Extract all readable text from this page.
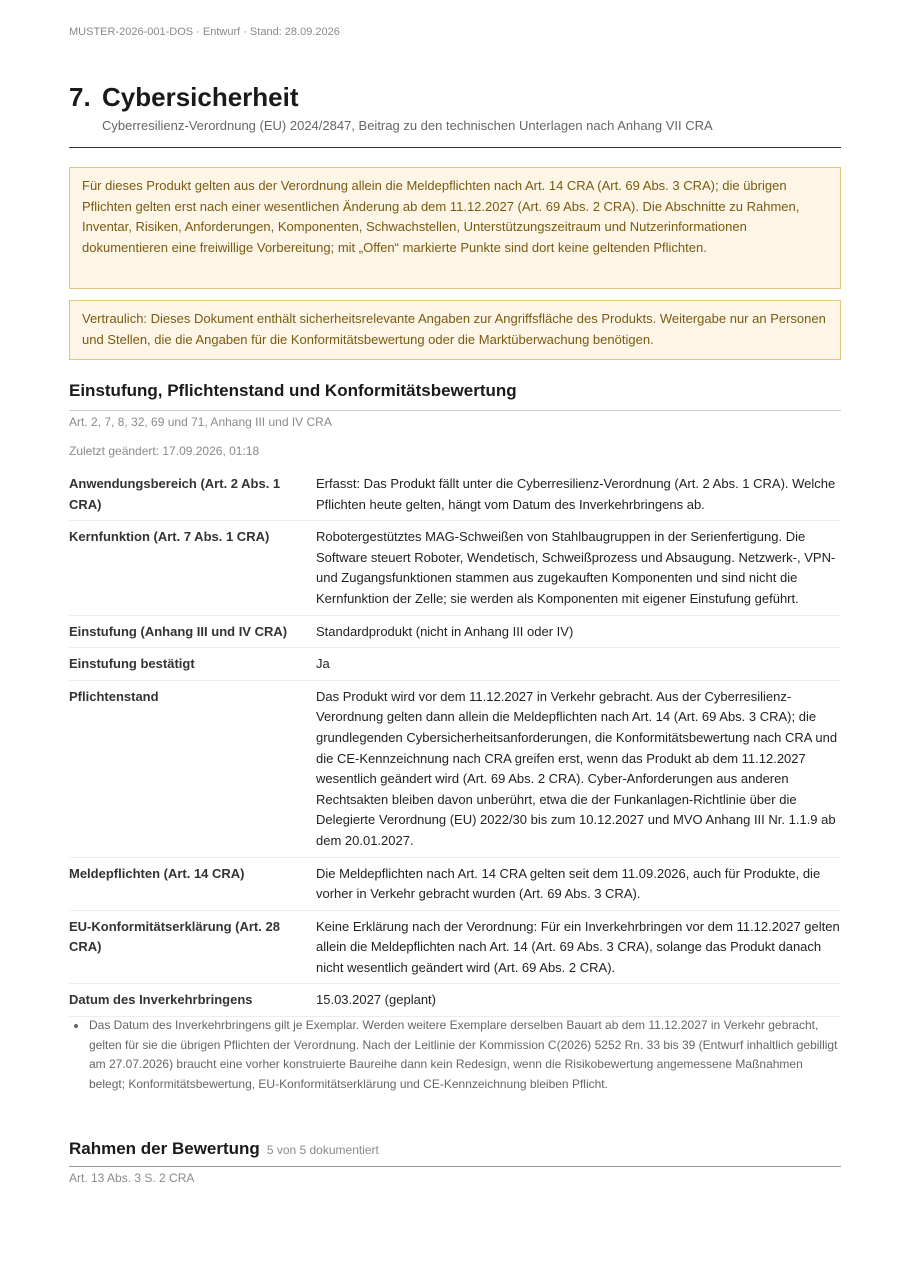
MUSTER-2026-001-DOS · Entwurf · Stand: 28.09.2026
7. Cybersicherheit
Cyberresilienz-Verordnung (EU) 2024/2847, Beitrag zu den technischen Unterlagen nach Anhang VII CRA
Für dieses Produkt gelten aus der Verordnung allein die Meldepflichten nach Art. 14 CRA (Art. 69 Abs. 3 CRA); die übrigen Pflichten gelten erst nach einer wesentlichen Änderung ab dem 11.12.2027 (Art. 69 Abs. 2 CRA). Die Abschnitte zu Rahmen, Inventar, Risiken, Anforderungen, Komponenten, Schwachstellen, Unterstützungszeitraum und Nutzerinformationen dokumentieren eine freiwillige Vorbereitung; mit „Offen“ markierte Punkte sind dort keine geltenden Pflichten.
Vertraulich: Dieses Dokument enthält sicherheitsrelevante Angaben zur Angriffsfläche des Produkts. Weitergabe nur an Personen und Stellen, die die Angaben für die Konformitätsbewertung oder die Marktüberwachung benötigen.
Einstufung, Pflichtenstand und Konformitätsbewertung
Art. 2, 7, 8, 32, 69 und 71, Anhang III und IV CRA
Zuletzt geändert: 17.09.2026, 01:18
Anwendungsbereich (Art. 2 Abs. 1 CRA)	Erfasst: Das Produkt fällt unter die Cyberresilienz-Verordnung (Art. 2 Abs. 1 CRA). Welche Pflichten heute gelten, hängt vom Datum des Inverkehrbringens ab.
Kernfunktion (Art. 7 Abs. 1 CRA)	Robotergestütztes MAG-Schweißen von Stahlbaugruppen in der Serienfertigung. Die Software steuert Roboter, Wendetisch, Schweißprozess und Absaugung. Netzwerk-, VPN- und Zugangsfunktionen stammen aus zugekauften Komponenten und sind nicht die Kernfunktion der Zelle; sie werden als Komponenten mit eigener Einstufung geführt.
Einstufung (Anhang III und IV CRA)	Standardprodukt (nicht in Anhang III oder IV)
Einstufung bestätigt	Ja
Pflichtenstand	Das Produkt wird vor dem 11.12.2027 in Verkehr gebracht. Aus der Cyberresilienz-Verordnung gelten dann allein die Meldepflichten nach Art. 14 (Art. 69 Abs. 3 CRA); die grundlegenden Cybersicherheitsanforderungen, die Konformitätsbewertung nach CRA und die CE-Kennzeichnung nach CRA greifen erst, wenn das Produkt ab dem 11.12.2027 wesentlich geändert wird (Art. 69 Abs. 2 CRA). Cyber-Anforderungen aus anderen Rechtsakten bleiben davon unberührt, etwa die der Funkanlagen-Richtlinie über die Delegierte Verordnung (EU) 2022/30 bis zum 10.12.2027 und MVO Anhang III Nr. 1.1.9 ab dem 20.01.2027.
Meldepflichten (Art. 14 CRA)	Die Meldepflichten nach Art. 14 CRA gelten seit dem 11.09.2026, auch für Produkte, die vorher in Verkehr gebracht wurden (Art. 69 Abs. 3 CRA).
EU-Konformitätserklärung (Art. 28 CRA)	Keine Erklärung nach der Verordnung: Für ein Inverkehrbringen vor dem 11.12.2027 gelten allein die Meldepflichten nach Art. 14 (Art. 69 Abs. 3 CRA), solange das Produkt danach nicht wesentlich geändert wird (Art. 69 Abs. 2 CRA).
Datum des Inverkehrbringens	15.03.2027 (geplant)
Das Datum des Inverkehrbringens gilt je Exemplar. Werden weitere Exemplare derselben Bauart ab dem 11.12.2027 in Verkehr gebracht, gelten für sie die übrigen Pflichten der Verordnung. Nach der Leitlinie der Kommission C(2026) 5252 Rn. 33 bis 39 (Entwurf inhaltlich gebilligt am 27.07.2026) braucht eine vorher konstruierte Baureihe dann kein Redesign, wenn die Risikobewertung angemessene Maßnahmen belegt; Konformitätsbewertung, EU-Konformitätserklärung und CE-Kennzeichnung bleiben Pflicht.
Rahmen der Bewertung 5 von 5 dokumentiert
Art. 13 Abs. 3 S. 2 CRA
